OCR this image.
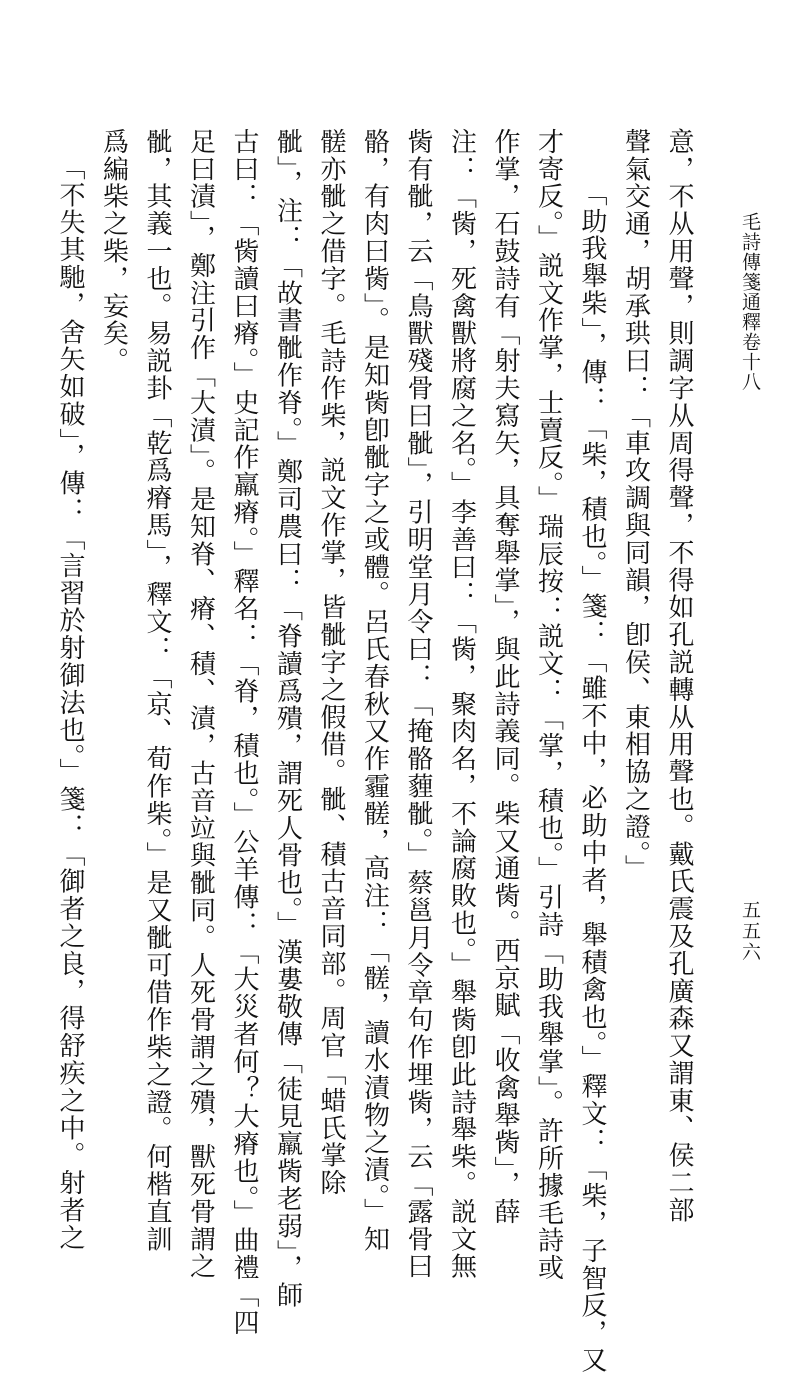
毛詩傳箋通釋卷十八
五五六
意，不从用聲，則調字从周得聲，不得如孔説轉从用聲也。戴氏震及孔廣森又謂東、侯二部
聲氣交通，胡承珙曰：「車攻調與同韻，卽侯、東相協之證。」
「助我舉柴」，傳：「柴，積也。」箋：「雖不中，必助中者，舉積禽也。」釋文：「柴，子智反，又
才寄反。」説文作掌，士賣反。」瑞辰按：説文：「掌，積也。」引詩「助我舉掌」。許所據毛詩或
作掌，石鼓詩有「射夫寫矢，具奪舉掌」，與此詩義同。柴又通胔。西京賦「收禽舉胔」，薛
注：「胔，死禽獸將腐之名。」李善曰：「胔，聚肉名，不論腐敗也。」舉胔卽此詩舉柴。説文無
胔有骴，云「鳥獸殘骨曰骴」，引明堂月令曰：「掩骼薶骴。」蔡邕月令章句作埋胔，云「露骨曰
骼，有肉曰胔」。是知胔卽骴字之或體。呂氏春秋又作霾髊，高注：「髊，讀水漬物之漬。」知
髊亦骴之借字。毛詩作柴，説文作掌，皆骴字之假借。骴、積古音同部。周官「蜡氏掌除
骴」，注：「故書骴作脊。」鄭司農曰：「脊讀爲殨，謂死人骨也。」漢婁敬傳「徒見羸胔老弱」，師
古曰：「胔讀曰瘠。」史記作羸瘠。」釋名：「脊，積也。」公羊傳：「大災者何？大瘠也。」曲禮「四
足曰漬」，鄭注引作「大漬」。是知脊、瘠、積、漬，古音竝與骴同。人死骨謂之殨，獸死骨謂之
骴，其義一也。易説卦「乾爲瘠馬」，釋文：「京、荀作柴。」是又骴可借作柴之證。何楷直訓
爲編柴之柴，妄矣。
「不失其馳，舍矢如破」，傳：「言習於射御法也。」箋：「御者之良，得舒疾之中。射者之
